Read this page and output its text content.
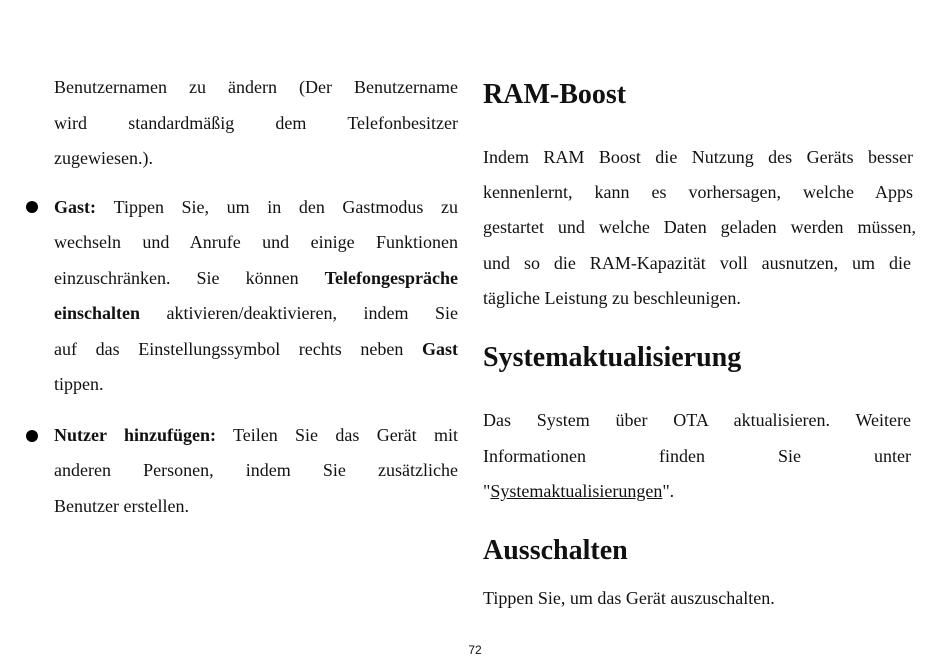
Benutzernamen zu ändern (Der Benutzername

wird standardmäßig dem Telefonbesitzer

zugewiesen.).

Gast: Tippen Sie, um in den Gastmodus zu

wechseln und Anrufe und einige Funktionen

einzuschränken. Sie können Telefongespräche

einschalten aktivieren/deaktivieren, indem Sie

auf das Einstellungssymbol rechts neben Gast

tippen.

Nutzer hinzufügen: Teilen Sie das Gerät mit

anderen Personen, indem Sie zusätzliche

Benutzer erstellen.

RAM-Boost

Indem RAM Boost die Nutzung des Geräts besser

kennenlernt, kann es vorhersagen, welche Apps

gestartet und welche Daten geladen werden müssen,

und so die RAM-Kapazität voll ausnutzen, um die

tägliche Leistung zu beschleunigen.

Systemaktualisierung

Das System über OTA aktualisieren. Weitere

Informationen finden Sie unter

"Systemaktualisierungen".

Ausschalten

Tippen Sie, um das Gerät auszuschalten.

72
